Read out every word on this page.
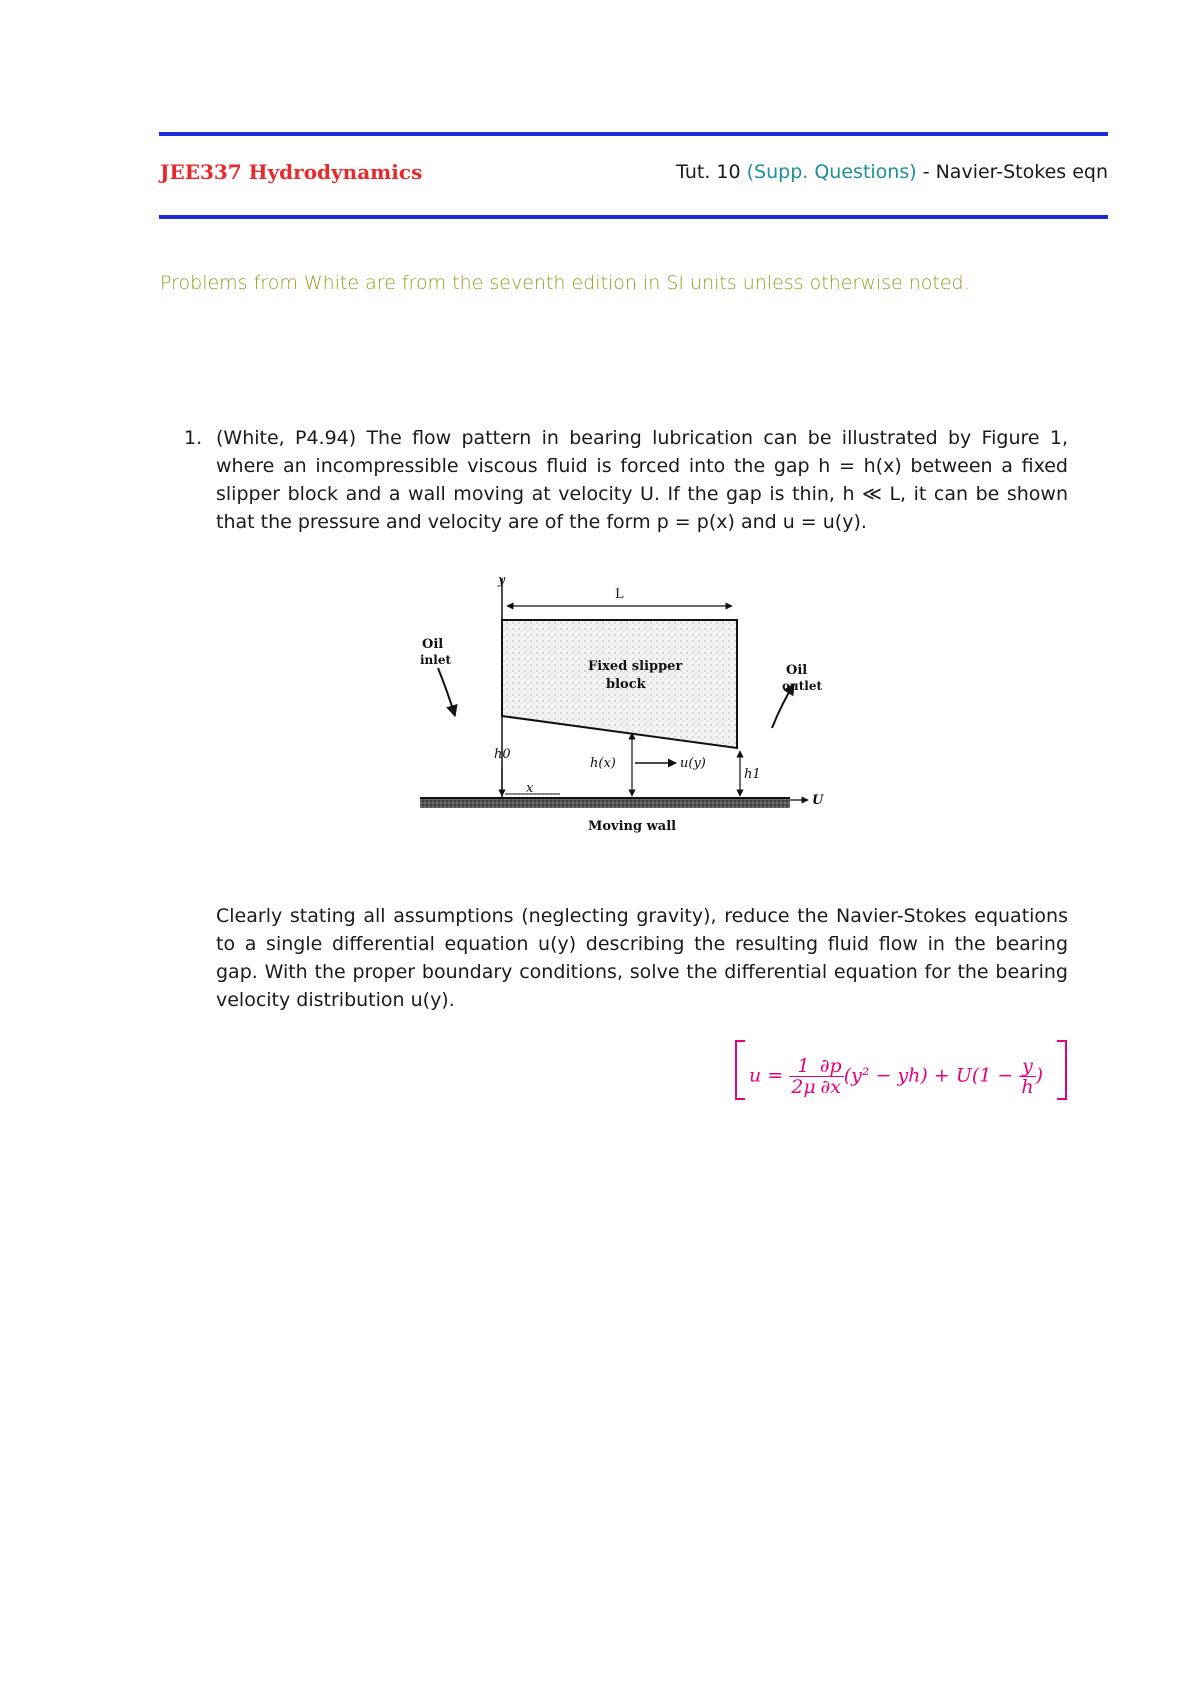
JEE337 Hydrodynamics	Tut. 10 (Supp. Questions) - Navier-Stokes eqn
Problems from White are from the seventh edition in SI units unless otherwise noted.
1. (White, P4.94) The flow pattern in bearing lubrication can be illustrated by Figure 1, where an incompressible viscous fluid is forced into the gap h = h(x) between a fixed slipper block and a wall moving at velocity U. If the gap is thin, h ≪ L, it can be shown that the pressure and velocity are of the form p = p(x) and u = u(y).
y
L
Oil
inlet	Fixed slipper
block
Oil
outlet
h0
x
h(x)	u(y)
h1
U
Moving wall
Clearly stating all assumptions (neglecting gravity), reduce the Navier-Stokes equations to a single differential equation u(y) describing the resulting fluid flow in the bearing gap. With the proper boundary conditions, solve the differential equation for the bearing velocity distribution u(y).
$u = \frac{1}{2\mu} \frac{\partial p}{\partial x} (y^2 - yh) + U(1 - \frac{y}{h}$ )
